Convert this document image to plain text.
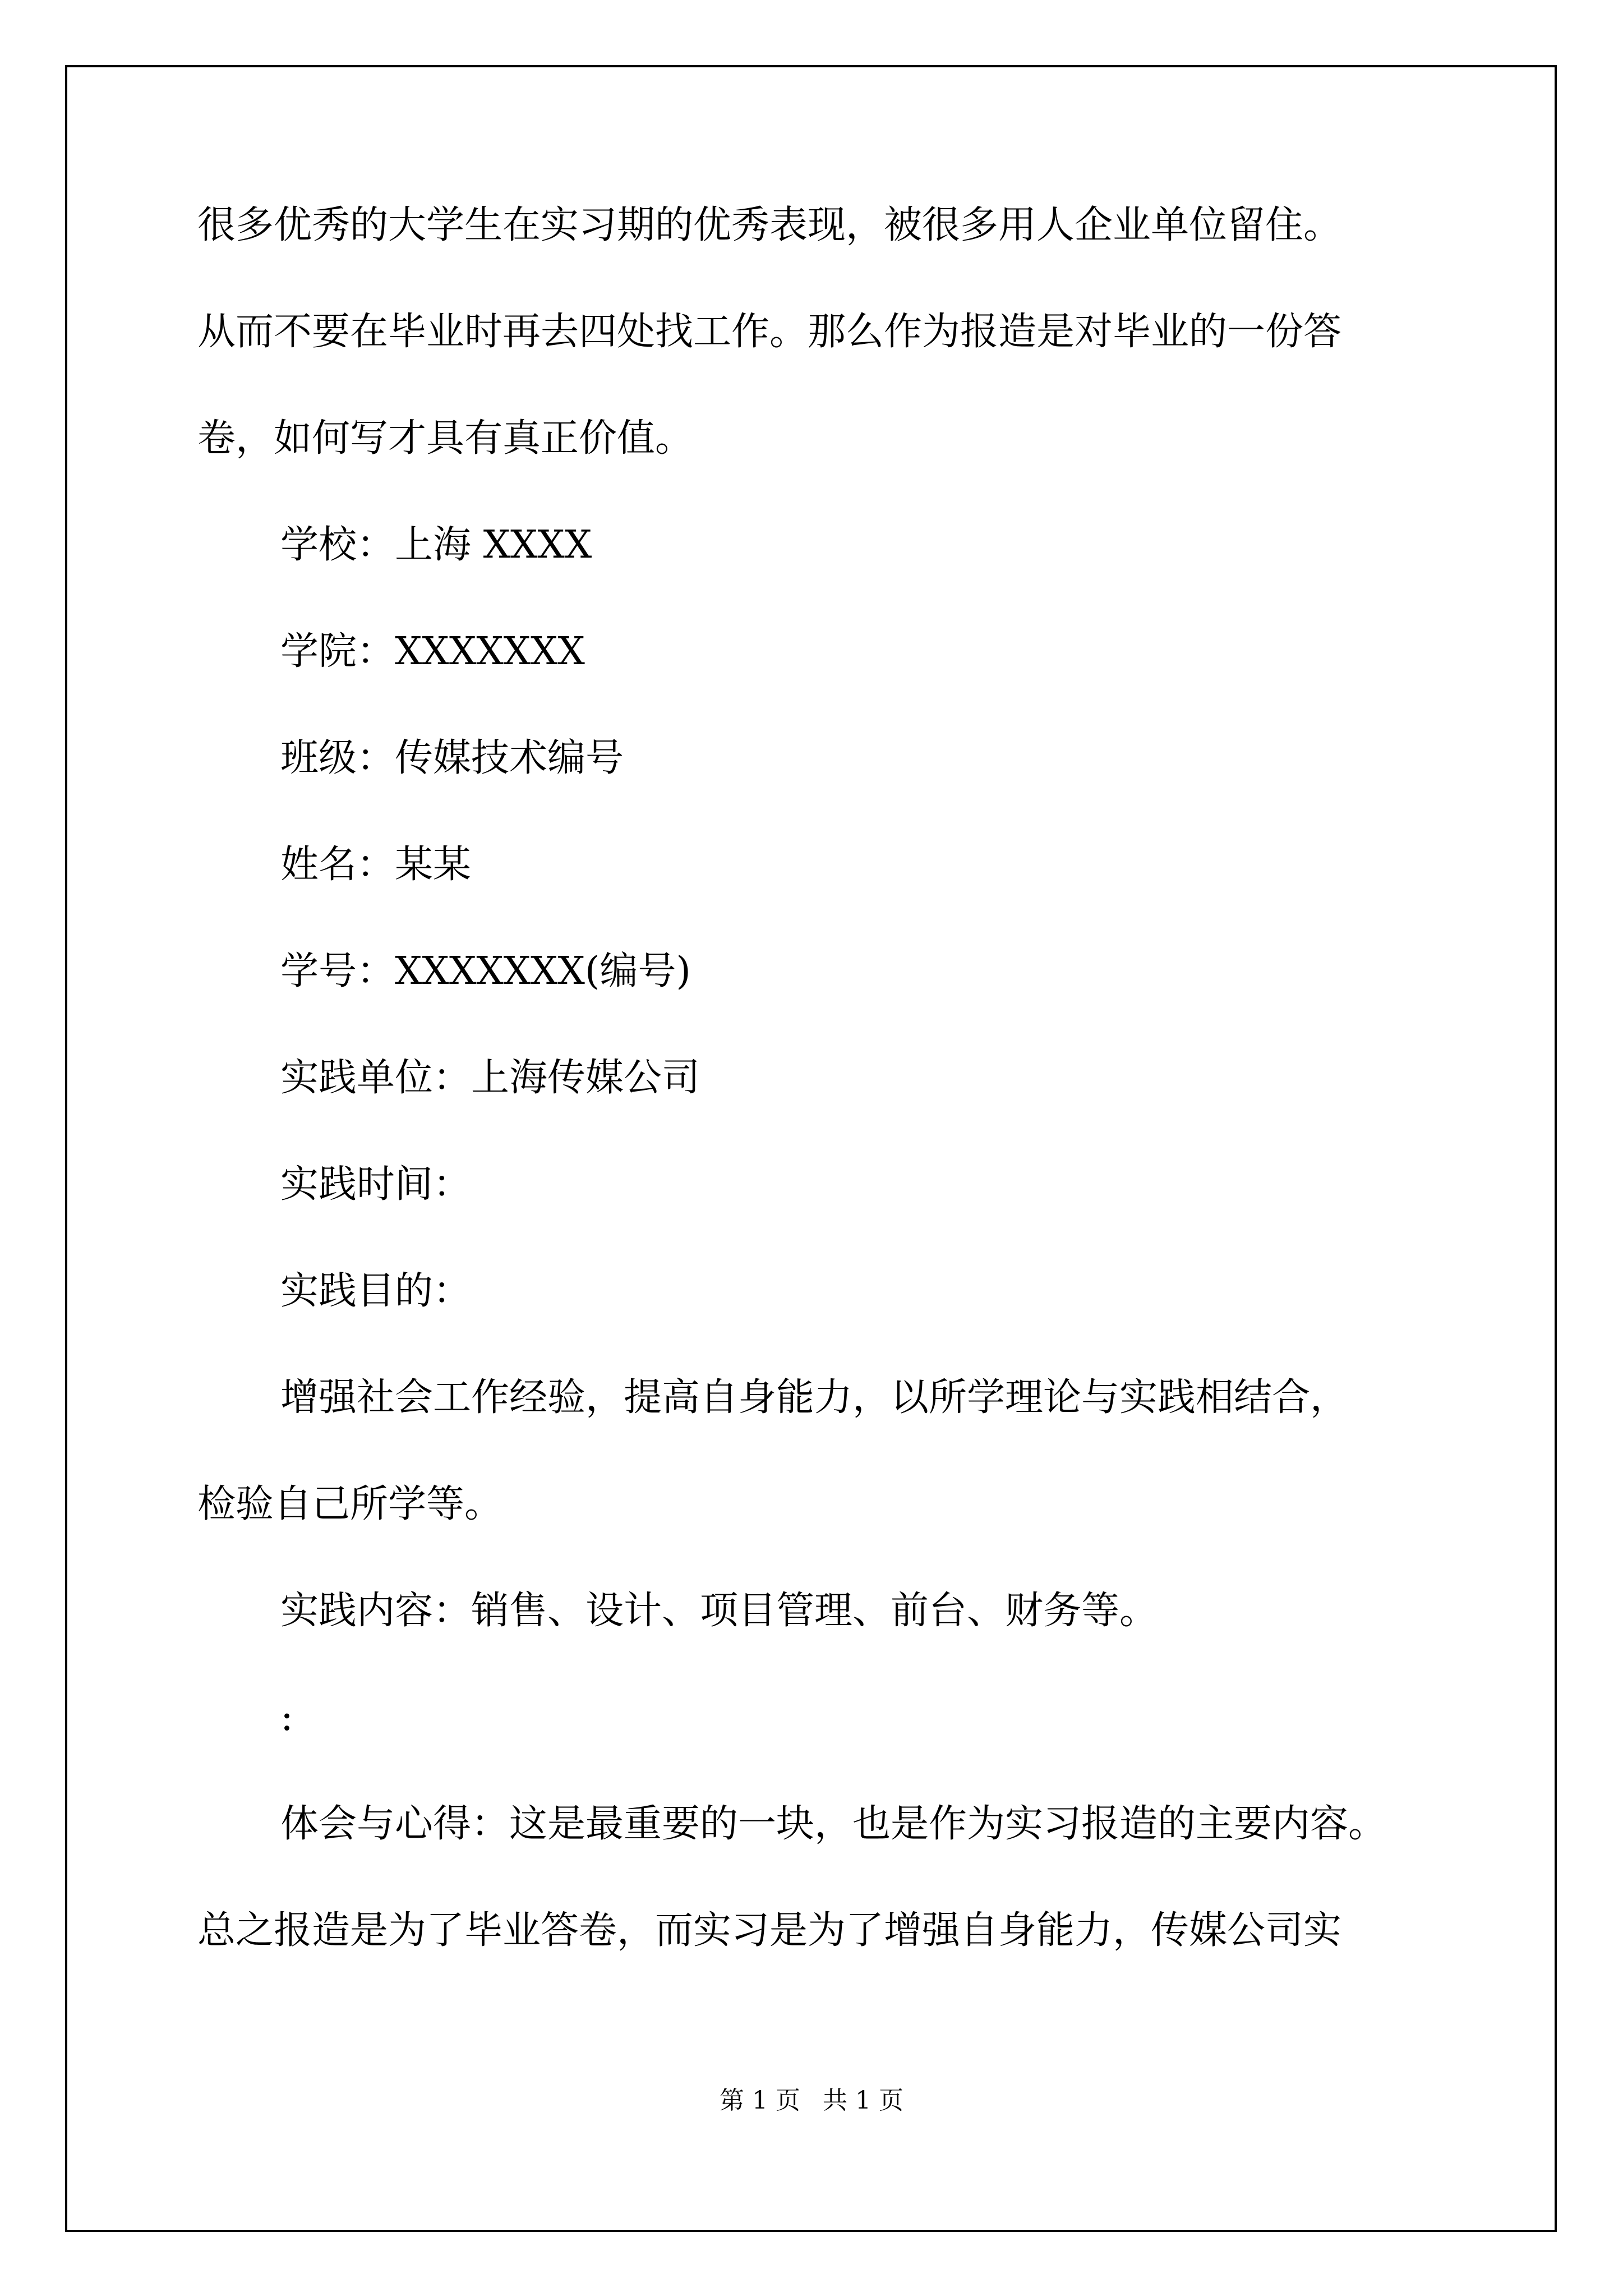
很多优秀的大学生在实习期的优秀表现，被很多用人企业单位留住。
从而不要在毕业时再去四处找工作。那么作为报造是对毕业的一份答
卷，如何写才具有真正价值。
学校：上海 XXXX
学院：XXXXXXX
班级：传媒技术编号
姓名：某某
学号：XXXXXXX(编号)
实践单位：上海传媒公司
实践时间：
实践目的：
增强社会工作经验，提高自身能力，以所学理论与实践相结合，
检验自己所学等。
实践内容：销售、设计、项目管理、前台、财务等。
:
体会与心得：这是最重要的一块，也是作为实习报造的主要内容。
总之报造是为了毕业答卷，而实习是为了增强自身能力，传媒公司实
第 1 页 共 1 页
